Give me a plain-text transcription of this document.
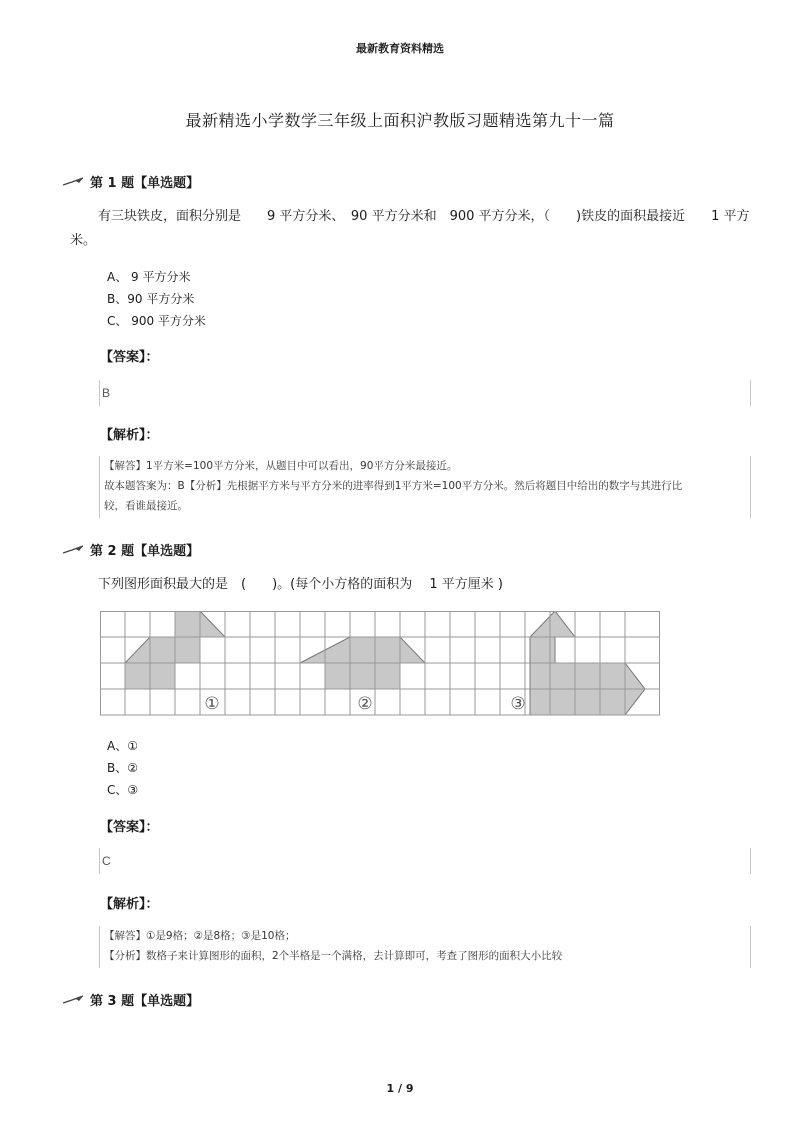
最新教育资料精选
最新精选小学数学三年级上面积沪教版习题精选第九十一篇
第 1 题【单选题】
有三块铁皮，面积分别是　　9 平方分米、　90 平方分米和　900 平方分米，（　　)铁皮的面积最接近　　1 平方
米。
A、 9 平方分米
B、90 平方分米
C、 900 平方分米
【答案】：
B
【解析】：
【解答】1平方米=100平方分米，从题目中可以看出，90平方分米最接近。
故本题答案为：B【分析】先根据平方米与平方分米的进率得到1平方米=100平方分米。然后将题目中给出的数字与其进行比
较，看谁最接近。
第 2 题【单选题】
下列图形面积最大的是　(　　)。(每个小方格的面积为　 1 平方厘米 )
①	②	③
A、①
B、②
C、③
【答案】：
C
【解析】：
【解答】①是9格；②是8格；③是10格；
【分析】数格子来计算图形的面积，2个半格是一个满格，去计算即可，考查了图形的面积大小比较
第 3 题【单选题】
1 / 9
